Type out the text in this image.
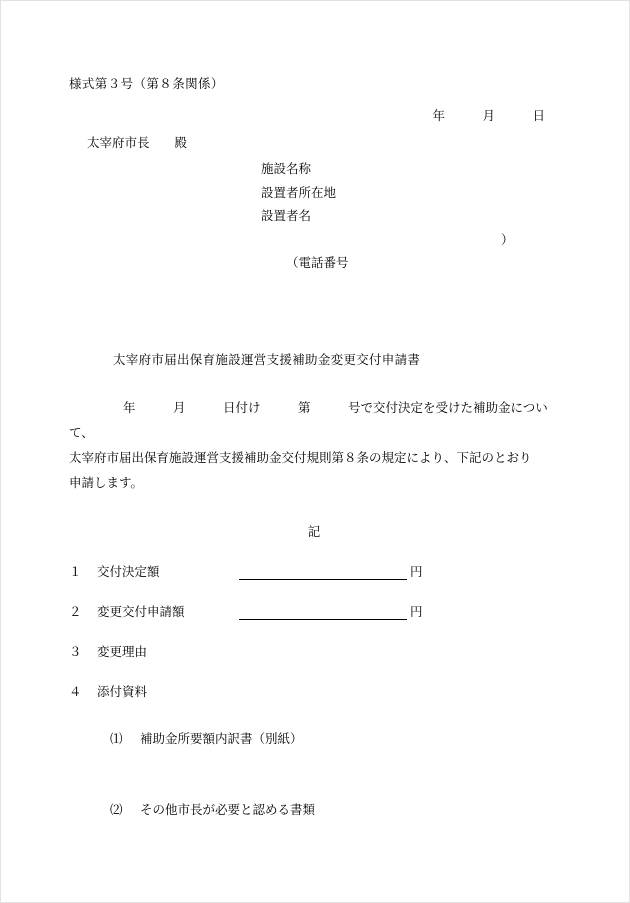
様式第３号（第８条関係）
年　　　月　　　日
太宰府市長　　殿
施設名称
設置者所在地
設置者名

（電話番号

）

太宰府市届出保育施設運営支援補助金変更交付申請書
年　　　月　　　日付け　　　第　　　号で交付決定を受けた補助金について、
太宰府市届出保育施設運営支援補助金交付規則第８条の規定により、下記のとおり
申請します。
記
１	交付決定額	円
２	変更交付申請額	円
３	変更理由
４	添付資料

⑴ 補助金所要額内訳書（別紙）

⑵ その他市長が必要と認める書類
